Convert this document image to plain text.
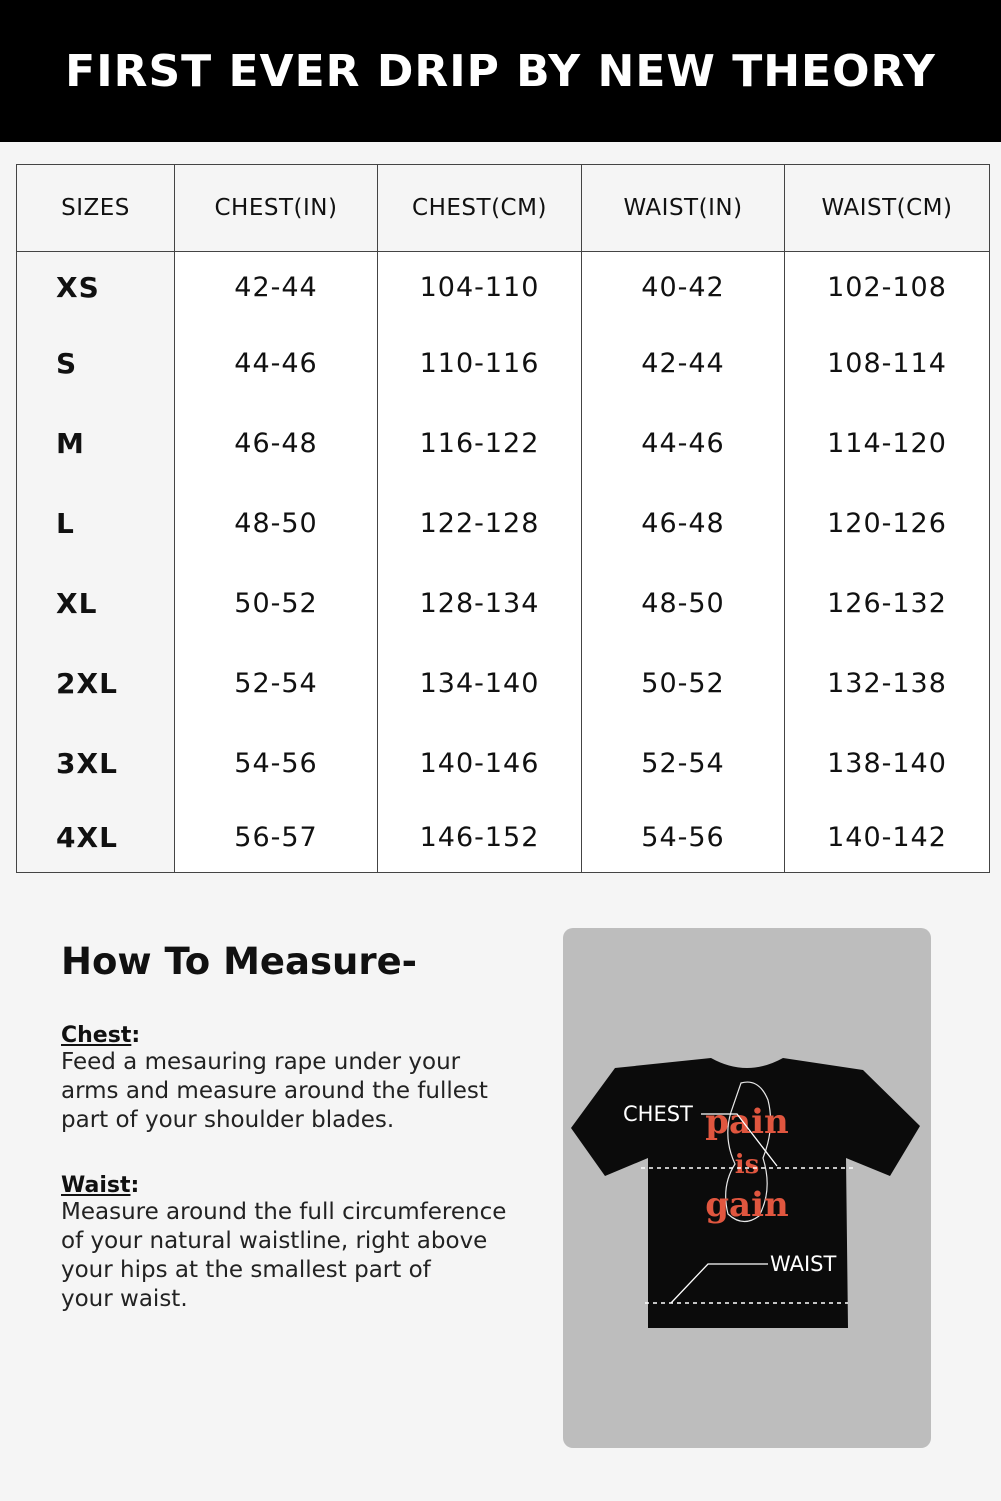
FIRST EVER DRIP BY NEW THEORY
SIZES	CHEST(IN)	CHEST(CM)	WAIST(IN)	WAIST(CM)
XS	42-44	104-110	40-42	102-108
S	44-46	110-116	42-44	108-114
M	46-48	116-122	44-46	114-120
L	48-50	122-128	46-48	120-126
XL	50-52	128-134	48-50	126-132
2XL	52-54	134-140	50-52	132-138
3XL	54-56	140-146	52-54	138-140
4XL	56-57	146-152	54-56	140-142
How To Measure-

Chest:

Feed a mesauring rape under your
arms and measure around the fullest
part of your shoulder blades.

Waist:

Measure around the full circumference
of your natural waistline, right above
your hips at the smallest part of
your waist.

pain
is
gain
CHEST
WAIST
